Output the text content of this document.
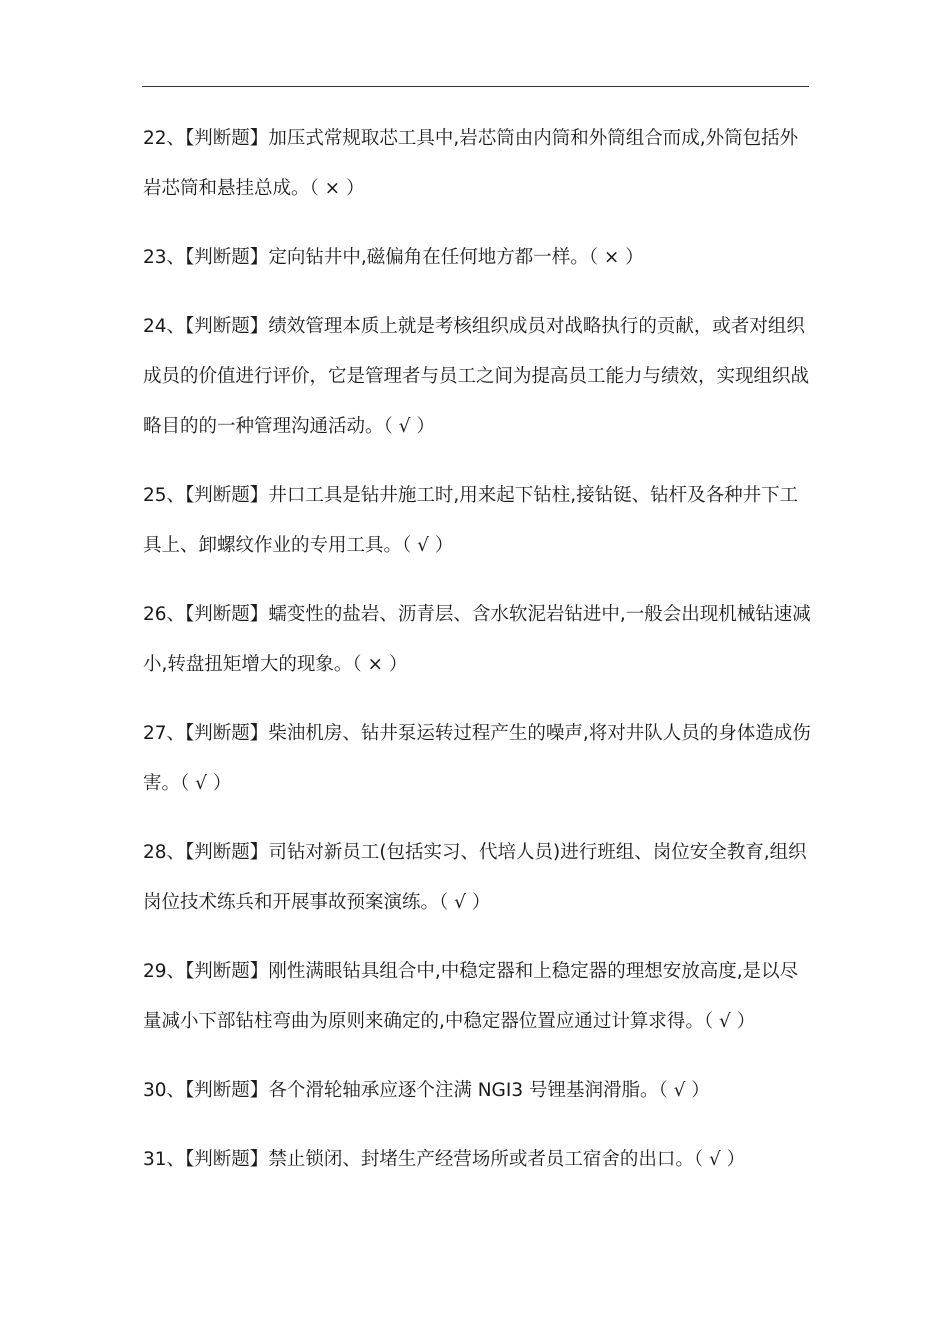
22、【判断题】加压式常规取芯工具中,岩芯筒由内筒和外筒组合而成,外筒包括外岩芯筒和悬挂总成。（ × ）
23、【判断题】定向钻井中,磁偏角在任何地方都一样。（ × ）
24、【判断题】绩效管理本质上就是考核组织成员对战略执行的贡献，或者对组织成员的价值进行评价，它是管理者与员工之间为提高员工能力与绩效，实现组织战略目的的一种管理沟通活动。（ √ ）
25、【判断题】井口工具是钻井施工时,用来起下钻柱,接钻铤、钻杆及各种井下工具上、卸螺纹作业的专用工具。（ √ ）
26、【判断题】蠕变性的盐岩、沥青层、含水软泥岩钻进中,一般会出现机械钻速减小,转盘扭矩增大的现象。（ × ）
27、【判断题】柴油机房、钻井泵运转过程产生的噪声,将对井队人员的身体造成伤害。（ √ ）
28、【判断题】司钻对新员工(包括实习、代培人员)进行班组、岗位安全教育,组织岗位技术练兵和开展事故预案演练。（ √ ）
29、【判断题】刚性满眼钻具组合中,中稳定器和上稳定器的理想安放高度,是以尽量减小下部钻柱弯曲为原则来确定的,中稳定器位置应通过计算求得。（ √ ）
30、【判断题】各个滑轮轴承应逐个注满 NGI3 号锂基润滑脂。（ √ ）
31、【判断题】禁止锁闭、封堵生产经营场所或者员工宿舍的出口。（ √ ）
